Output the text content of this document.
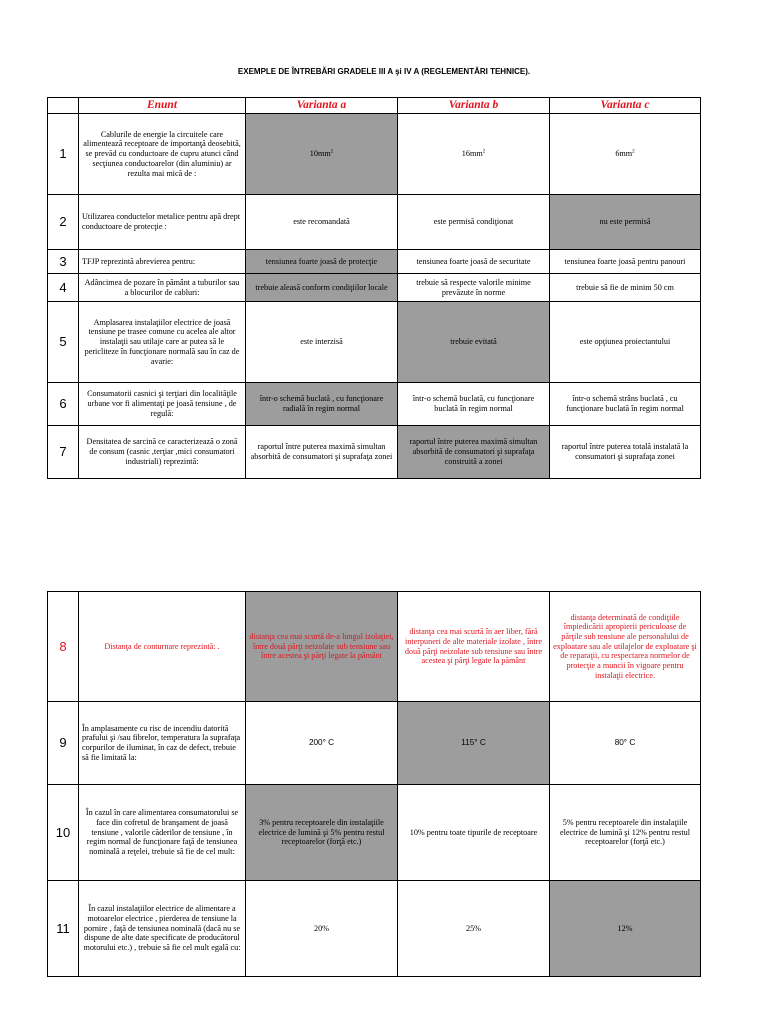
EXEMPLE DE ÎNTREBĂRI GRADELE III A şi IV A (REGLEMENTĂRI TEHNICE).
	Enunt	Varianta a	Varianta b	Varianta c
1	Cablurile de energie la circuitele care alimentează receptoare de importanţă deosebită, se prevăd cu conductoare de cupru atunci când secţiunea conductoarelor (din aluminiu) ar rezulta mai mică de :	$10mm^2$	$16mm^2$	$6mm^2$
2	Utilizarea conductelor metalice pentru apă drept conductoare de protecţie :	este recomandată	este permisă condiţionat	nu este permisă
3	TFJP reprezintă abrevierea pentru:	tensiunea foarte joasă de protecţie	tensiunea foarte joasă de securitate	tensiunea foarte joasă pentru panouri
4	Adâncimea de pozare în pământ a tuburilor sau a blocurilor de cabluri:	trebuie aleasă conform condiţiilor locale	trebuie să respecte valorile minime prevăzute în norme	trebuie să fie de minim 50 cm
5	Amplasarea instalaţiilor electrice de joasă tensiune pe trasee comune cu acelea ale altor instalaţii sau utilaje care ar putea să le pericliteze în funcţionare normală sau în caz de avarie:	este interzisă	trebuie evitată	este opţiunea proiectantului
6	Consumatorii casnici şi terţiari din localităţile urbane vor fi alimentaţi pe joasă tensiune , de regulă:	într-o schemă buclată , cu funcţionare radială în regim normal	într-o schemă buclată, cu funcţionare buclată în regim normal	într-o schemă strâns buclată , cu funcţionare buclată în regim normal
7	Densitatea de sarcină ce caracterizează o zonă de consum (casnic ,terţiar ,mici consumatori industriali) reprezintă:	raportul între puterea maximă simultan absorbită de consumatori şi suprafaţa zonei	raportul între puterea maximă simultan absorbită de consumatori şi suprafaţa construită a zonei	raportul între puterea totală instalată la consumatori şi suprafaţa zonei
8	Distanţa de conturnare reprezintă: .	distanţa cea mai scurtă de-a lungul izolaţiei, între două părţi neizolate sub tensiune sau între acestea şi părţi legate la pământ	distanţa cea mai scurtă în aer liber, fără interpuneri de alte materiale izolate , între două părţi neizolate sub tensiune sau între acestea şi părţi legate la pământ	distanţa determinată de condiţiile împiedicării apropierii periculoase de părţile sub tensiune ale personalului de exploatare sau ale utilajelor de exploatare şi de reparaţii, cu respectarea normelor de protecţie a muncii în vigoare pentru instalaţii electrice.
9	În amplasamente cu risc de incendiu datorită prafului şi /sau fibrelor, temperatura la suprafaţa corpurilor de iluminat, în caz de defect, trebuie să fie limitată la:	200° C	115° C	80° C
10	În cazul în care alimentarea consumatorului se face din cofretul de branşament de joasă tensiune , valorile căderilor de tensiune , în regim normal de funcţionare faţă de tensiunea nominală a reţelei, trebuie să fie de cel mult:	3% pentru receptoarele din instalaţiile electrice de lumină şi 5% pentru restul receptoarelor (forţă etc.)	10% pentru toate tipurile de receptoare	5% pentru receptoarele din instalaţiile electrice de lumină şi 12% pentru restul receptoarelor (forţă etc.)
11	În cazul instalaţiilor electrice de alimentare a motoarelor electrice , pierderea de tensiune la pornire , faţă de tensiunea nominală (dacă nu se dispune de alte date specificate de producătorul motorului etc.) , trebuie să fie cel mult egală cu:	20%	25%	12%
